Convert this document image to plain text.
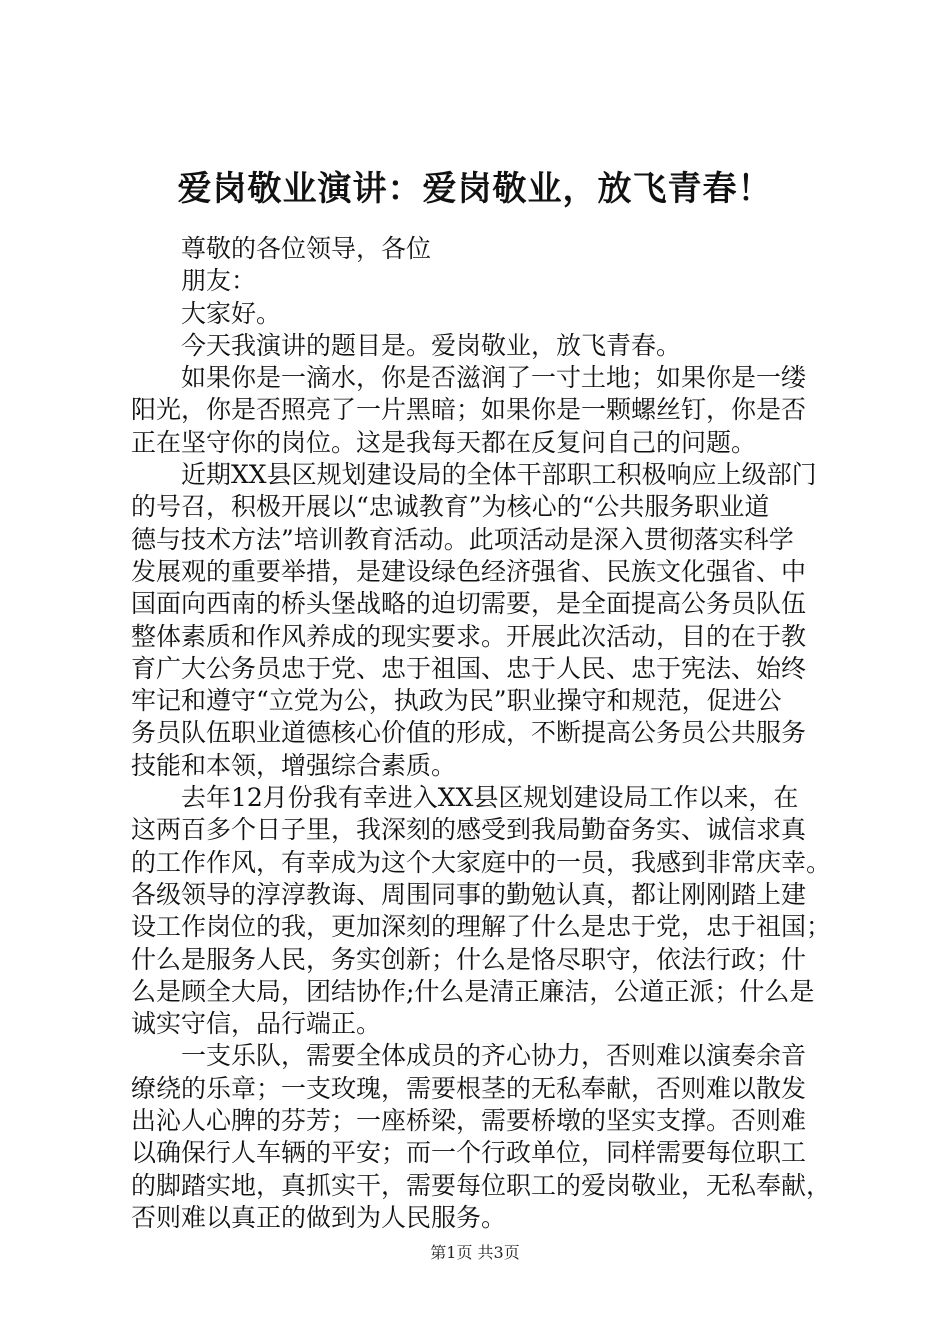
爱岗敬业演讲：爱岗敬业，放飞青春！
尊敬的各位领导，各位
朋友：
大家好。
今天我演讲的题目是。爱岗敬业，放飞青春。
如果你是一滴水，你是否滋润了一寸土地；如果你是一缕
阳光，你是否照亮了一片黑暗；如果你是一颗螺丝钉，你是否
正在坚守你的岗位。这是我每天都在反复问自己的问题。
近期XX县区规划建设局的全体干部职工积极响应上级部门
的号召，积极开展以“忠诚教育”为核心的“公共服务职业道
德与技术方法”培训教育活动。此项活动是深入贯彻落实科学
发展观的重要举措，是建设绿色经济强省、民族文化强省、中
国面向西南的桥头堡战略的迫切需要，是全面提高公务员队伍
整体素质和作风养成的现实要求。开展此次活动，目的在于教
育广大公务员忠于党、忠于祖国、忠于人民、忠于宪法、始终
牢记和遵守“立党为公，执政为民”职业操守和规范，促进公
务员队伍职业道德核心价值的形成，不断提高公务员公共服务
技能和本领，增强综合素质。
去年12月份我有幸进入XX县区规划建设局工作以来，在
这两百多个日子里，我深刻的感受到我局勤奋务实、诚信求真
的工作作风，有幸成为这个大家庭中的一员，我感到非常庆幸。
各级领导的淳淳教诲、周围同事的勤勉认真，都让刚刚踏上建
设工作岗位的我，更加深刻的理解了什么是忠于党，忠于祖国；
什么是服务人民，务实创新；什么是恪尽职守，依法行政；什
么是顾全大局，团结协作;什么是清正廉洁，公道正派；什么是
诚实守信，品行端正。
一支乐队，需要全体成员的齐心协力，否则难以演奏余音
缭绕的乐章；一支玫瑰，需要根茎的无私奉献，否则难以散发
出沁人心脾的芬芳；一座桥梁，需要桥墩的坚实支撑。否则难
以确保行人车辆的平安；而一个行政单位，同样需要每位职工
的脚踏实地，真抓实干，需要每位职工的爱岗敬业，无私奉献，
否则难以真正的做到为人民服务。
第1页 共3页
